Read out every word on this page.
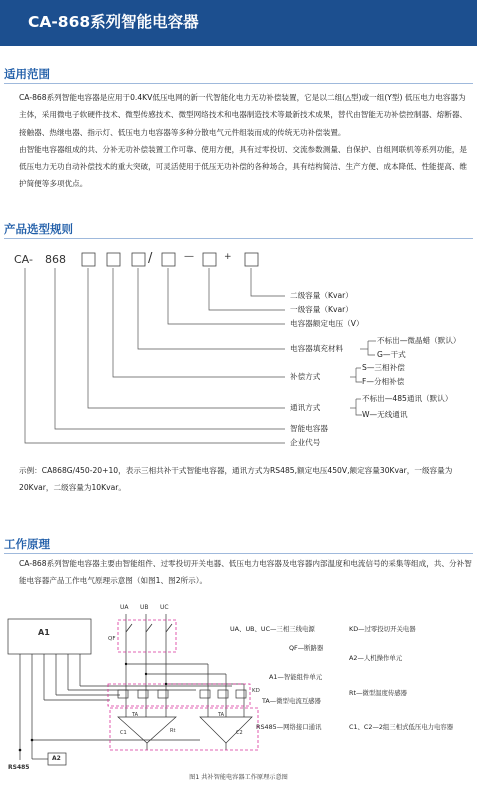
CA-868系列智能电容器
适用范围

CA-868系列智能电容器是应用于0.4KV低压电网的新一代智能化电力无功补偿装置，它是以二组(△型)或一组(Y型) 低压电力电容器为主体，采用微电子软硬件技术、微型传感技术、微型网络技术和电器制造技术等最新技术成果，替代由智能无功补偿控制器、熔断器、接触器、热继电器、指示灯、低压电力电容器等多种分散电气元件组装而成的传统无功补偿装置。

由智能电容器组成的共、分补无功补偿装置工作可靠、使用方便，具有过零投切、交流参数测量、自保护、自组网联机等系列功能，是低压电力无功自动补偿技术的重大突破，可灵活使用于低压无功补偿的各种场合，具有结构简洁、生产方便、成本降低、性能提高、维护简便等多项优点。

产品选型规则
CA- 868	/	—	+
二级容量（Kvar）
一级容量（Kvar）
电容器额定电压（V）
电容器填充材料
不标出—微晶蜡（默认）
G—干式
补偿方式
S—三相补偿
F—分相补偿
通讯方式
不标出—485通讯（默认）
W—无线通讯
智能电容器
企业代号

示例：CA868G/450-20+10，表示三相共补干式智能电容器，通讯方式为RS485,额定电压450V,额定容量30Kvar，一级容量为20Kvar，二级容量为10Kvar。

工作原理

CA-868系列智能电容器主要由智能组件、过零投切开关电器、低压电力电容器及电容器内部温度和电流信号的采集等组成，共、分补智能电容器产品工作电气原理示意图（如图1、图2所示）。

UA UB UC
A1
QF
KD
TA	TA
C1	C2
Rt
A2
RS485
UA、UB、UC—三相三线电源	KD—过零投切开关电器
QF—断路器
A2—人机操作单元
A1—智能组件单元
Rt—微型温度传感器
TA—微型电流互感器
RS485—网络接口通讯	C1、C2—2组三相式低压电力电容器
图1 共补智能电容器工作原理示意图
